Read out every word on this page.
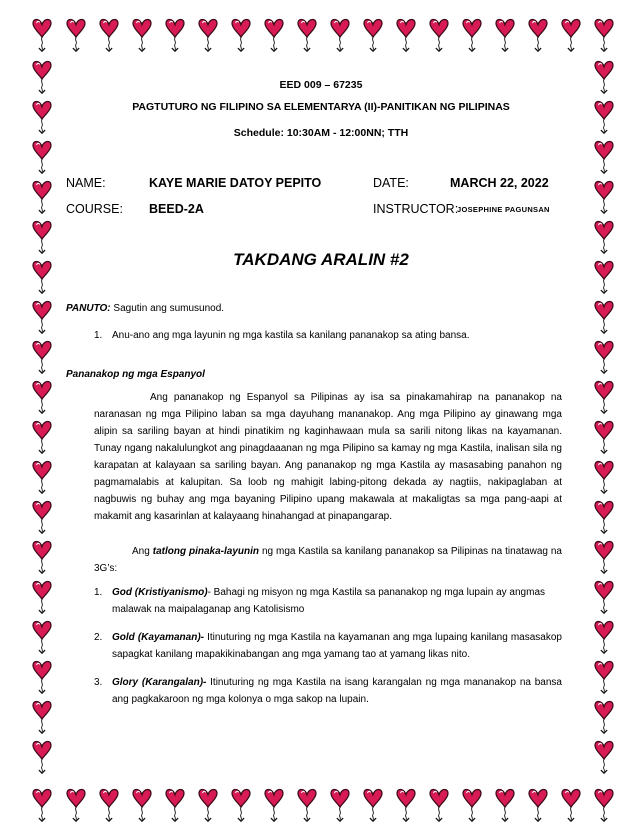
EED 009 – 67235
PAGTUTURO NG FILIPINO SA ELEMENTARYA (II)-PANITIKAN NG PILIPINAS
Schedule: 10:30AM - 12:00NN; TTH
NAME:	KAYE MARIE DATOY PEPITO	DATE:	MARCH 22, 2022
COURSE: BEED-2A	INSTRUCTOR:
JOSEPHINE PAGUNSAN
TAKDANG ARALIN #2
PANUTO: Sagutin ang sumusunod.
1. Anu-ano ang mga layunin ng mga kastila sa kanilang pananakop sa ating bansa.
Pananakop ng mga Espanyol
Ang pananakop ng Espanyol sa Pilipinas ay isa sa pinakamahirap na pananakop na naranasan ng mga Pilipino laban sa mga dayuhang mananakop. Ang mga Pilipino ay ginawang mga alipin sa sariling bayan at hindi pinatikim ng kaginhawaan mula sa sarili nitong likas na kayamanan. Tunay ngang nakalulungkot ang pinagdaaanan ng mga Pilipino sa kamay ng mga Kastila, inalisan sila ng karapatan at kalayaan sa sariling bayan. Ang pananakop ng mga Kastila ay masasabing panahon ng pagmamalabis at kalupitan. Sa loob ng mahigit labing-pitong dekada ay nagtiis, nakipaglaban at nagbuwis ng buhay ang mga bayaning Pilipino upang makawala at makaligtas sa mga pang-aapi at makamit ang kasarinlan at kalayaang hinahangad at pinapangarap.
Ang tatlong pinaka-layunin ng mga Kastila sa kanilang pananakop sa Pilipinas na tinatawag na 3G’s:
1. God (Kristiyanismo)- Bahagi ng misyon ng mga Kastila sa pananakop ng mga lupain ay angmas malawak na maipalaganap ang Katolisismo
2. Gold (Kayamanan)- Itinuturing ng mga Kastila na kayamanan ang mga lupaing kanilang masasakop sapagkat kanilang mapakikinabangan ang mga yamang tao at yamang likas nito.
3. Glory (Karangalan)- Itinuturing ng mga Kastila na isang karangalan ng mga mananakop na bansa ang pagkakaroon ng mga kolonya o mga sakop na lupain.
